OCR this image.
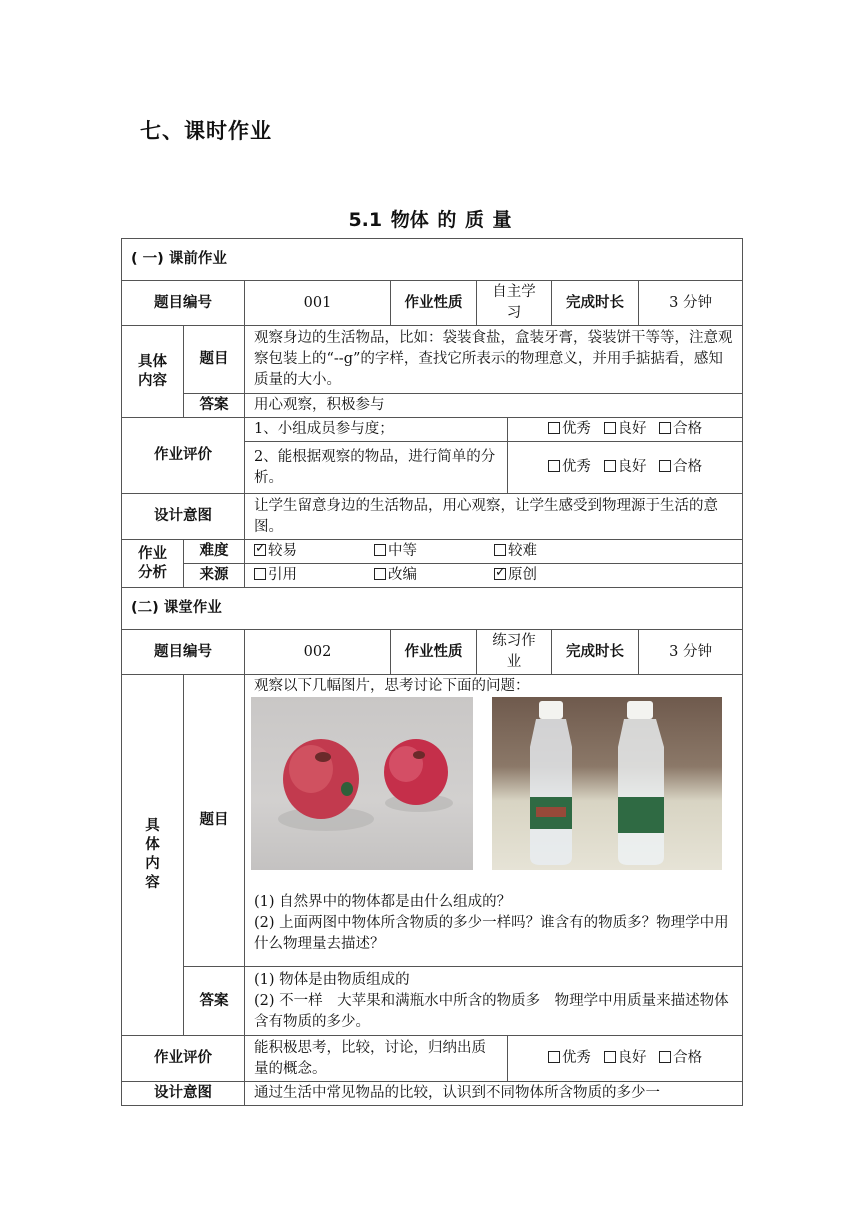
七、课时作业
5.1 物体 的 质 量
( 一) 课前作业							
题目编号		001	作业性质	自主学习		完成时长	3 分钟

具体内容	题目	观察身边的生活物品，比如：袋装食盐，盒装牙膏，袋装饼干等等，注意观察包装上的“--g”的字样，查找它所表示的物理意义，并用手掂掂看，感知质量的大小。					
	答案	用心观察，积极参与					
作业评价		1、小组成员参与度；			优秀 良好 合格		
		2、能根据观察的物品，进行简单的分析。			优秀 良好 合格		
设计意图		让学生留意身边的生活物品，用心观察，让学生感受到物理源于生活的意图。					

作业分析	难度	✓较易 中等 较难
	来源	引用 改编 ✓ 原创
(二) 课堂作业							
题目编号		002	作业性质	练习作业		完成时长	3 分钟

具体内容	题目	观察以下几幅图片，思考讨论下面的问题：

(1) 自然界中的物体都是由什么组成的？

(2) 上面两图中物体所含物质的多少一样吗？谁含有的物质多？物理学中用什么物理量去描述？					

	答案	(1) 物体是由物质组成的

(2) 不一样　大苹果和满瓶水中所含的物质多　物理学中用质量来描述物体含有物质的多少。					

作业评价		能积极思考，比较，讨论，归纳出质量的概念。			优秀 良好 合格		
设计意图		通过生活中常见物品的比较，认识到不同物体所含物质的多少一					
